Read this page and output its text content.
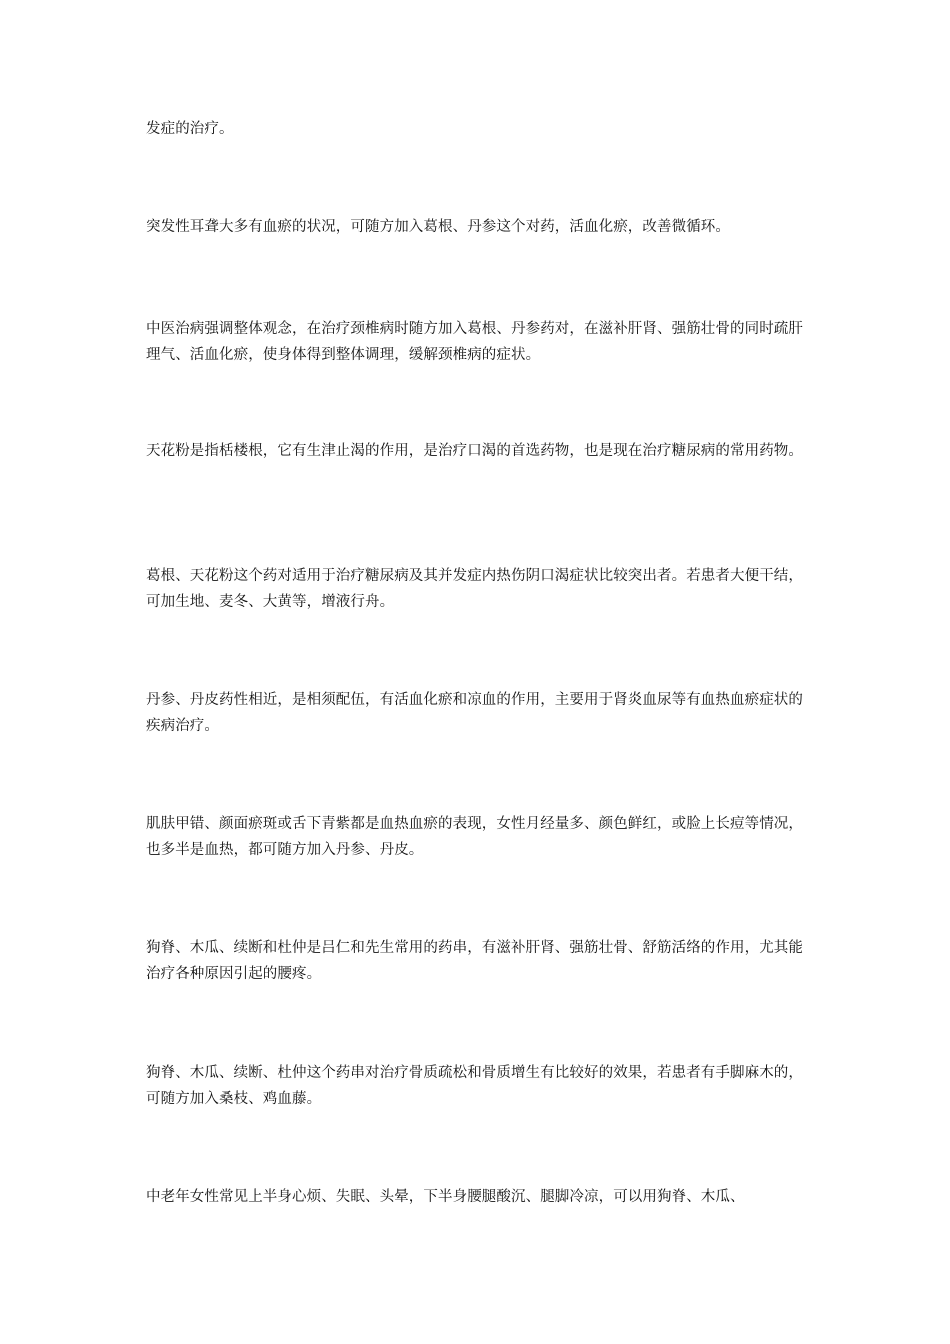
发症的治疗。

突发性耳聋大多有血瘀的状况，可随方加入葛根、丹参这个对药，活血化瘀，改善微循环。

中医治病强调整体观念，在治疗颈椎病时随方加入葛根、丹参药对，在滋补肝肾、强筋壮骨的同时疏肝理气、活血化瘀，使身体得到整体调理，缓解颈椎病的症状。

天花粉是指栝楼根，它有生津止渴的作用，是治疗口渴的首选药物，也是现在治疗糖尿病的常用药物。

葛根、天花粉这个药对适用于治疗糖尿病及其并发症内热伤阴口渴症状比较突出者。若患者大便干结，可加生地、麦冬、大黄等，增液行舟。

丹参、丹皮药性相近，是相须配伍，有活血化瘀和凉血的作用，主要用于肾炎血尿等有血热血瘀症状的疾病治疗。

肌肤甲错、颜面瘀斑或舌下青紫都是血热血瘀的表现，女性月经量多、颜色鲜红，或脸上长痘等情况，也多半是血热，都可随方加入丹参、丹皮。

狗脊、木瓜、续断和杜仲是吕仁和先生常用的药串，有滋补肝肾、强筋壮骨、舒筋活络的作用，尤其能治疗各种原因引起的腰疼。

狗脊、木瓜、续断、杜仲这个药串对治疗骨质疏松和骨质增生有比较好的效果，若患者有手脚麻木的，可随方加入桑枝、鸡血藤。

中老年女性常见上半身心烦、失眠、头晕，下半身腰腿酸沉、腿脚冷凉，可以用狗脊、木瓜、
